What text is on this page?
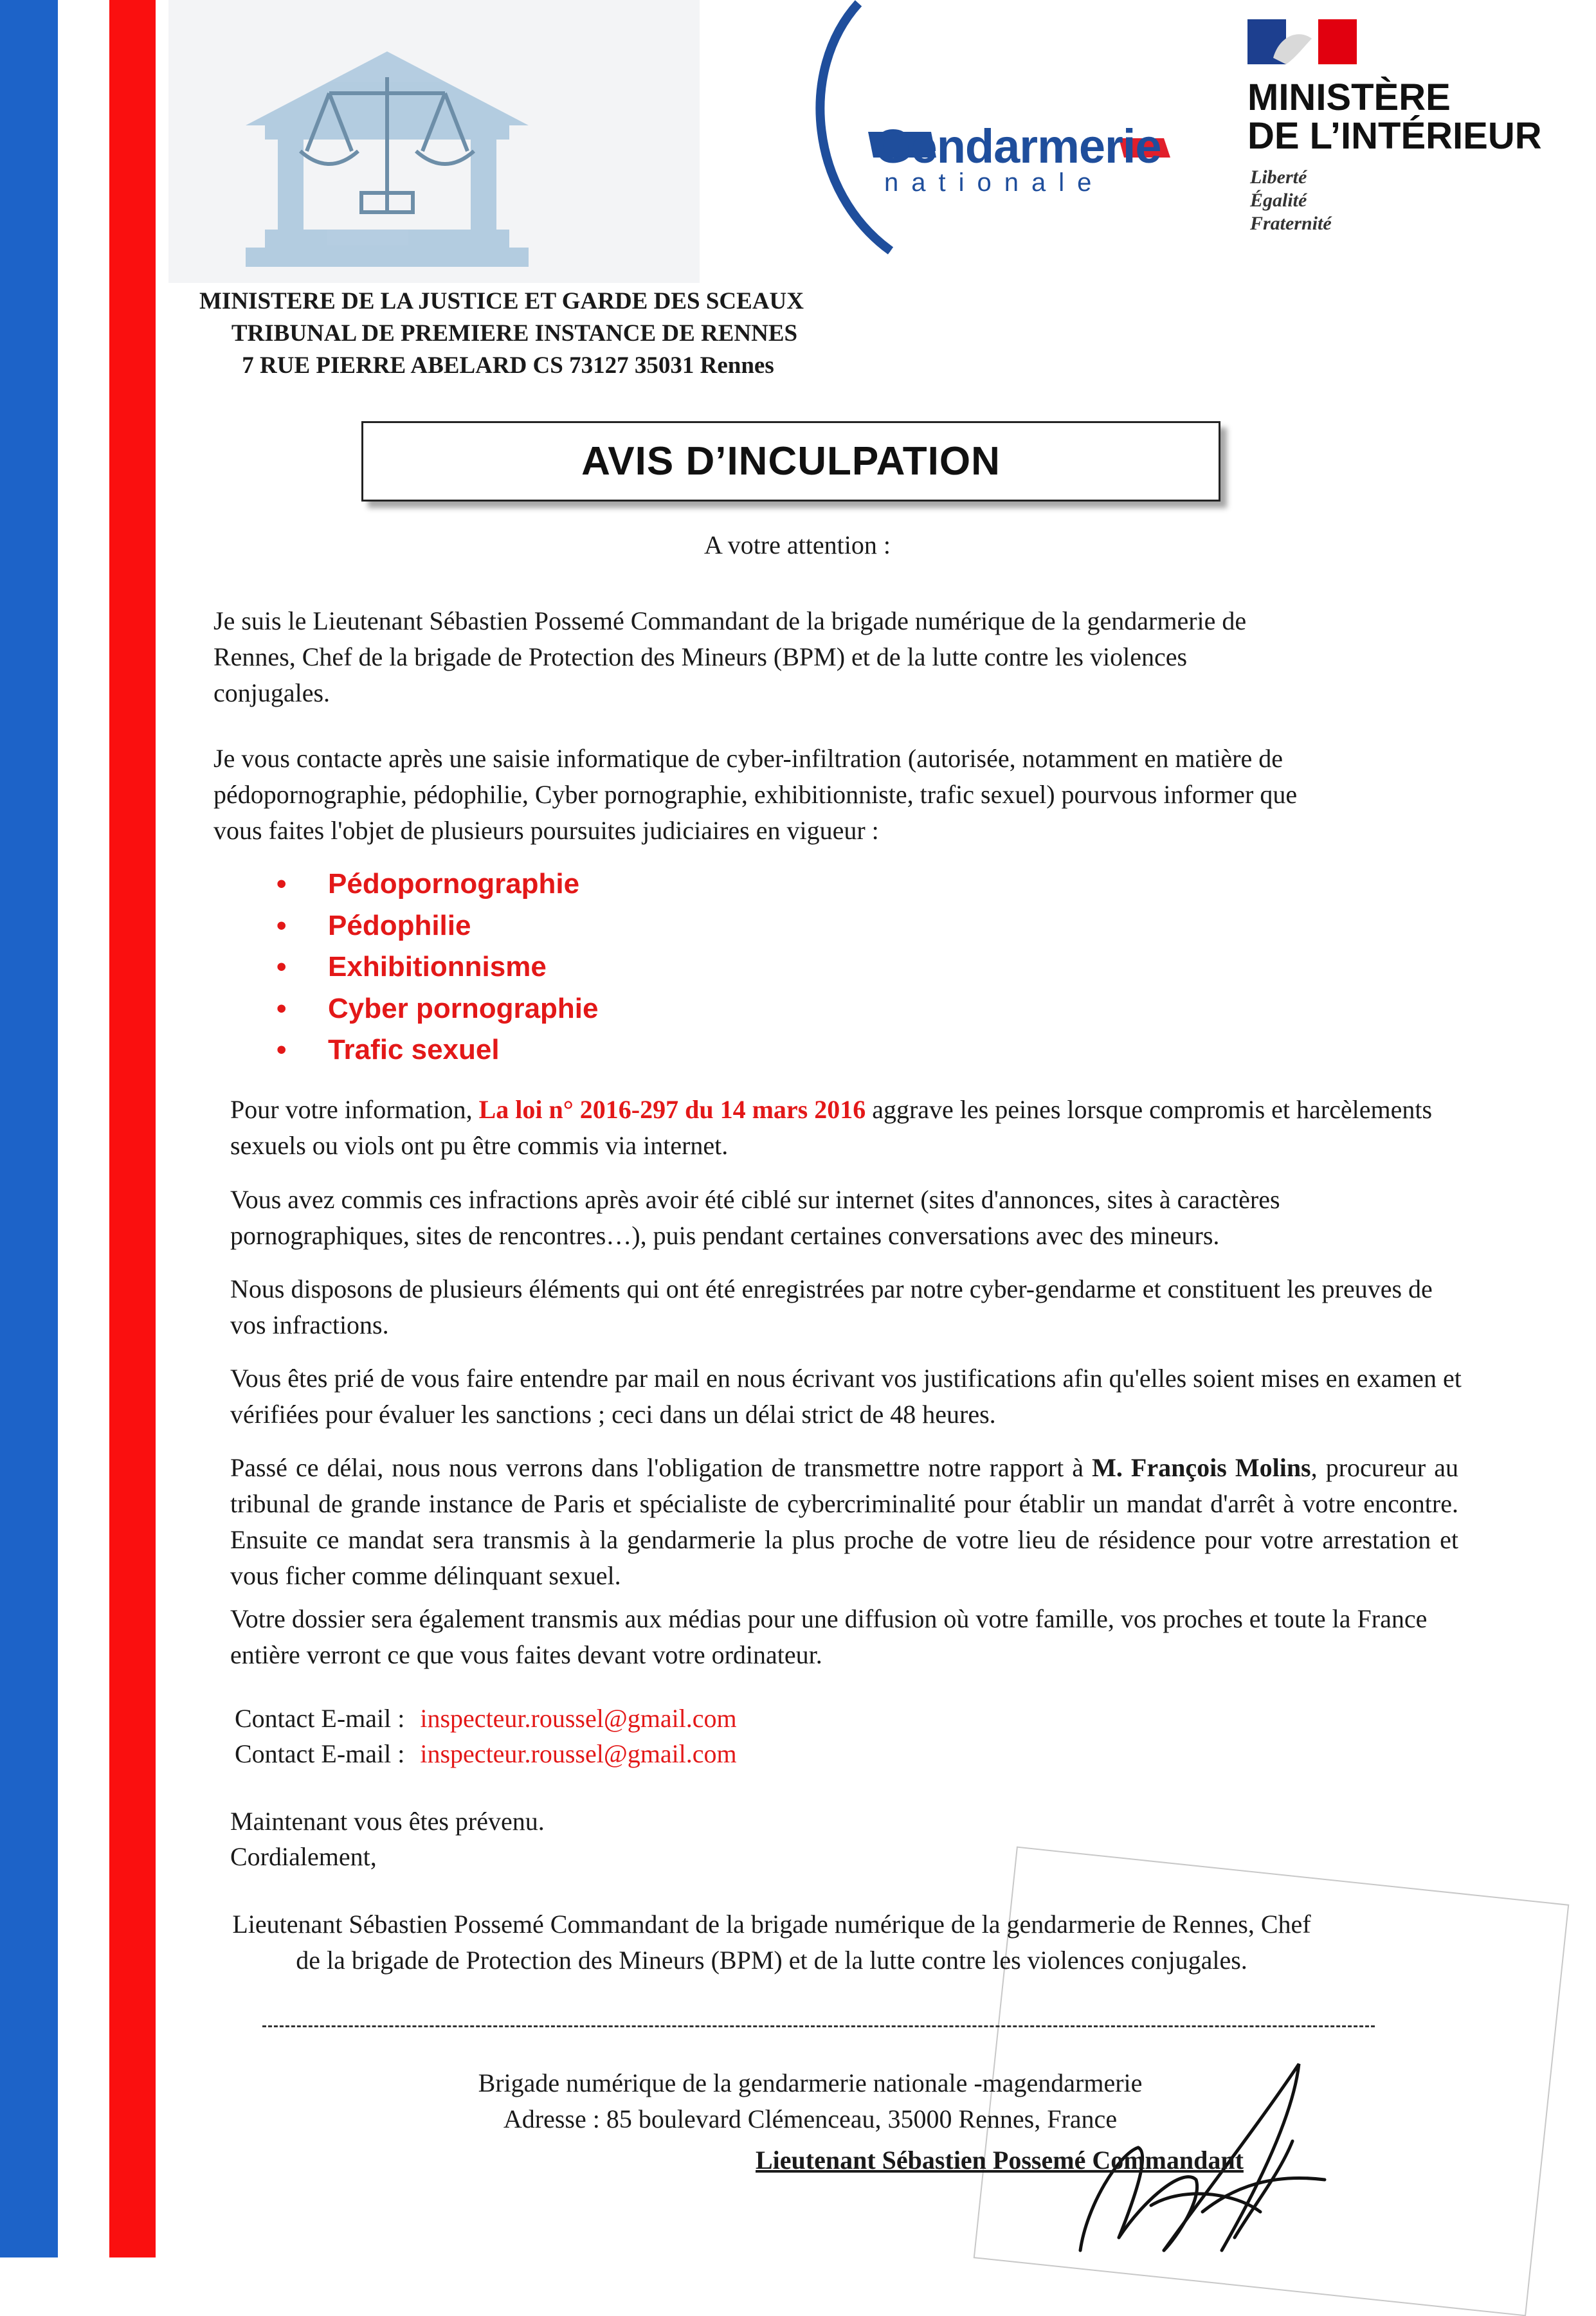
Gendarmerie
nationale
MINISTÈRE
DE L’INTÉRIEUR
Liberté
Égalité
Fraternité
MINISTERE DE LA JUSTICE ET GARDE DES SCEAUX
TRIBUNAL DE PREMIERE INSTANCE DE RENNES
7 RUE PIERRE ABELARD CS 73127 35031 Rennes
AVIS D’INCULPATION
A votre attention :
Je suis le Lieutenant Sébastien Possemé Commandant de la brigade numérique de la gendarmerie de Rennes, Chef de la brigade de Protection des Mineurs (BPM) et de la lutte contre les violences conjugales.
Je vous contacte après une saisie informatique de cyber-infiltration (autorisée, notamment en matière de pédopornographie, pédophilie, Cyber pornographie, exhibitionniste, trafic sexuel) pourvous informer que vous faites l'objet de plusieurs poursuites judiciaires en vigueur :
• Pédopornographie
• Pédophilie
• Exhibitionnisme
• Cyber pornographie
• Trafic sexuel
Pour votre information, La loi n° 2016-297 du 14 mars 2016 aggrave les peines lorsque compromis et harcèlements sexuels ou viols ont pu être commis via internet.
Vous avez commis ces infractions après avoir été ciblé sur internet (sites d'annonces, sites à caractères pornographiques, sites de rencontres…), puis pendant certaines conversations avec des mineurs.
Nous disposons de plusieurs éléments qui ont été enregistrées par notre cyber-gendarme et constituent les preuves de vos infractions.
Vous êtes prié de vous faire entendre par mail en nous écrivant vos justifications afin qu'elles soient mises en examen et vérifiées pour évaluer les sanctions ; ceci dans un délai strict de 48 heures.
Passé ce délai, nous nous verrons dans l'obligation de transmettre notre rapport à M. François Molins, procureur au tribunal de grande instance de Paris et spécialiste de cybercriminalité pour établir un mandat d'arrêt à votre encontre. Ensuite ce mandat sera transmis à la gendarmerie la plus proche de votre lieu de résidence pour votre arrestation et vous ficher comme délinquant sexuel.
Votre dossier sera également transmis aux médias pour une diffusion où votre famille, vos proches et toute la France entière verront ce que vous faites devant votre ordinateur.
Contact E-mail : inspecteur.roussel@gmail.com
Contact E-mail : inspecteur.roussel@gmail.com
Maintenant vous êtes prévenu.
Cordialement,
Lieutenant Sébastien Possemé Commandant de la brigade numérique de la gendarmerie de Rennes, Chef de la brigade de Protection des Mineurs (BPM) et de la lutte contre les violences conjugales.
Brigade numérique de la gendarmerie nationale -magendarmerie
Adresse : 85 boulevard Clémenceau, 35000 Rennes, France
Lieutenant Sébastien Possemé Commandant
